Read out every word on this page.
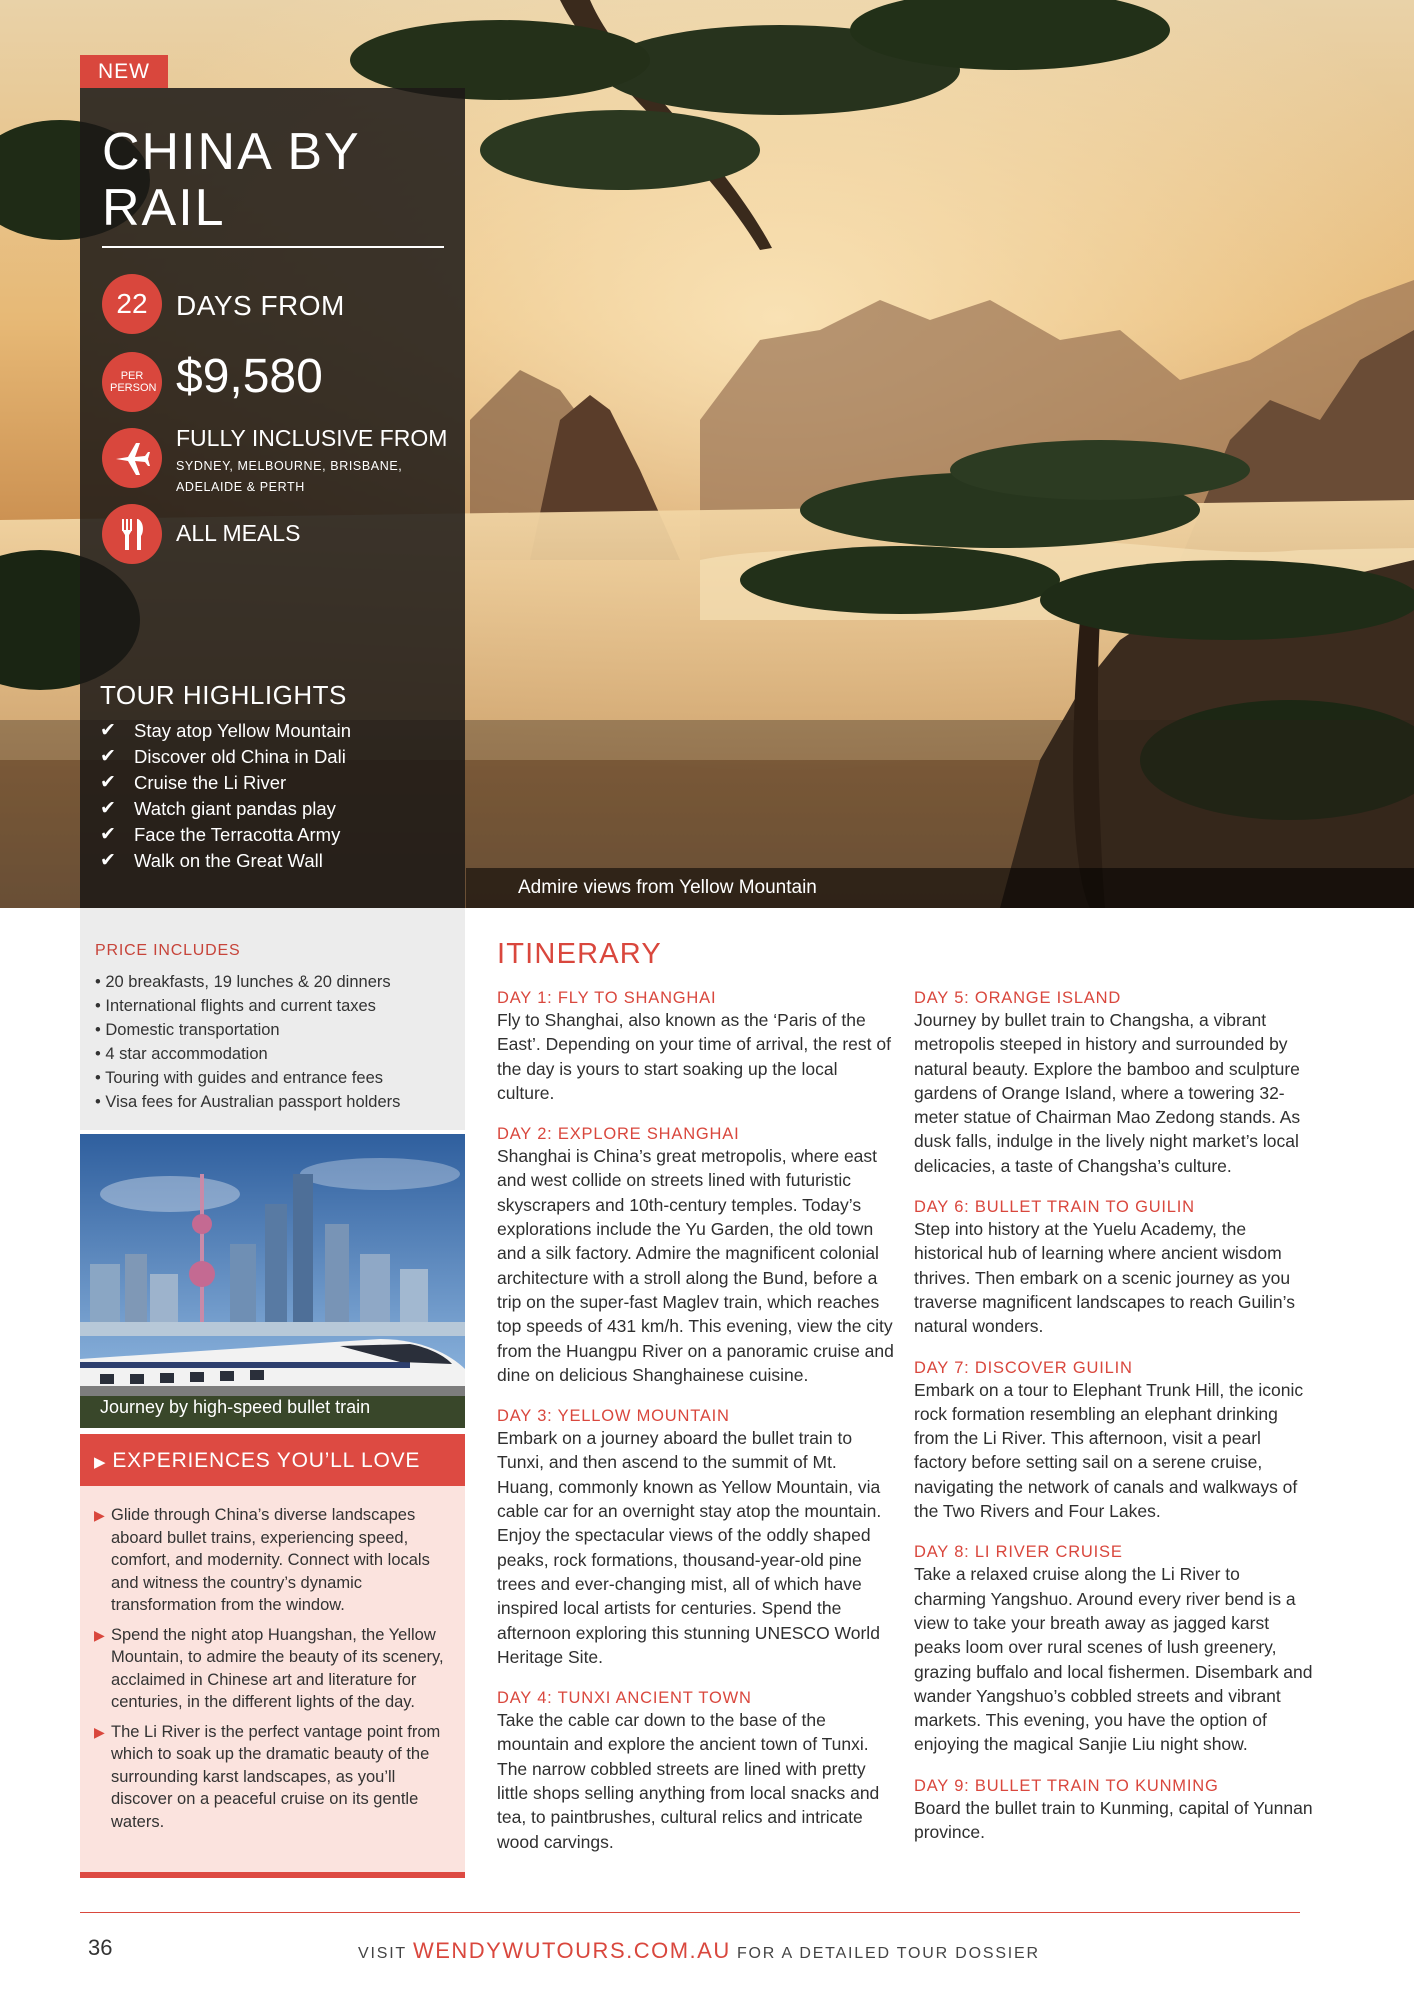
Admire views from Yellow Mountain
NEW
CHINA BY RAIL
22	DAYS FROM
PER PERSON $9,580
FULLY INCLUSIVE FROM
SYDNEY, MELBOURNE, BRISBANE, ADELAIDE & PERTH
ALL MEALS
TOUR HIGHLIGHTS
✔ Stay atop Yellow Mountain
✔ Discover old China in Dali
✔ Cruise the Li River
✔ Watch giant pandas play
✔ Face the Terracotta Army
✔ Walk on the Great Wall
PRICE INCLUDES
• 20 breakfasts, 19 lunches & 20 dinners
• International flights and current taxes
• Domestic transportation
• 4 star accommodation
• Touring with guides and entrance fees
• Visa fees for Australian passport holders
Journey by high-speed bullet train
▶ EXPERIENCES YOU’LL LOVE
▶ Glide through China’s diverse landscapes aboard bullet trains, experiencing speed, comfort, and modernity. Connect with locals and witness the country’s dynamic transformation from the window.
▶ Spend the night atop Huangshan, the Yellow Mountain, to admire the beauty of its scenery, acclaimed in Chinese art and literature for centuries, in the different lights of the day.
▶ The Li River is the perfect vantage point from which to soak up the dramatic beauty of the surrounding karst landscapes, as you’ll discover on a peaceful cruise on its gentle waters.
ITINERARY
DAY 1: FLY TO SHANGHAI

Fly to Shanghai, also known as the ‘Paris of the East’. Depending on your time of arrival, the rest of the day is yours to start soaking up the local culture.

DAY 2: EXPLORE SHANGHAI

Shanghai is China’s great metropolis, where east and west collide on streets lined with futuristic skyscrapers and 10th-century temples. Today’s explorations include the Yu Garden, the old town and a silk factory. Admire the magnificent colonial architecture with a stroll along the Bund, before a trip on the super-fast Maglev train, which reaches top speeds of 431 km/h. This evening, view the city from the Huangpu River on a panoramic cruise and dine on delicious Shanghainese cuisine.

DAY 3: YELLOW MOUNTAIN

Embark on a journey aboard the bullet train to Tunxi, and then ascend to the summit of Mt. Huang, commonly known as Yellow Mountain, via cable car for an overnight stay atop the mountain. Enjoy the spectacular views of the oddly shaped peaks, rock formations, thousand-year-old pine trees and ever-changing mist, all of which have inspired local artists for centuries. Spend the afternoon exploring this stunning UNESCO World Heritage Site.

DAY 4: TUNXI ANCIENT TOWN

Take the cable car down to the base of the mountain and explore the ancient town of Tunxi. The narrow cobbled streets are lined with pretty little shops selling anything from local snacks and tea, to paintbrushes, cultural relics and intricate wood carvings.

DAY 5: ORANGE ISLAND

Journey by bullet train to Changsha, a vibrant metropolis steeped in history and surrounded by natural beauty. Explore the bamboo and sculpture gardens of Orange Island, where a towering 32-meter statue of Chairman Mao Zedong stands. As dusk falls, indulge in the lively night market’s local delicacies, a taste of Changsha’s culture.

DAY 6: BULLET TRAIN TO GUILIN

Step into history at the Yuelu Academy, the historical hub of learning where ancient wisdom thrives. Then embark on a scenic journey as you traverse magnificent landscapes to reach Guilin’s natural wonders.

DAY 7: DISCOVER GUILIN

Embark on a tour to Elephant Trunk Hill, the iconic rock formation resembling an elephant drinking from the Li River. This afternoon, visit a pearl factory before setting sail on a serene cruise, navigating the network of canals and walkways of the Two Rivers and Four Lakes.

DAY 8: LI RIVER CRUISE

Take a relaxed cruise along the Li River to charming Yangshuo. Around every river bend is a view to take your breath away as jagged karst peaks loom over rural scenes of lush greenery, grazing buffalo and local fishermen. Disembark and wander Yangshuo’s cobbled streets and vibrant markets. This evening, you have the option of enjoying the magical Sanjie Liu night show.

DAY 9: BULLET TRAIN TO KUNMING

Board the bullet train to Kunming, capital of Yunnan province.

36	VISIT WENDYWUTOURS.COM.AU FOR A DETAILED TOUR DOSSIER
